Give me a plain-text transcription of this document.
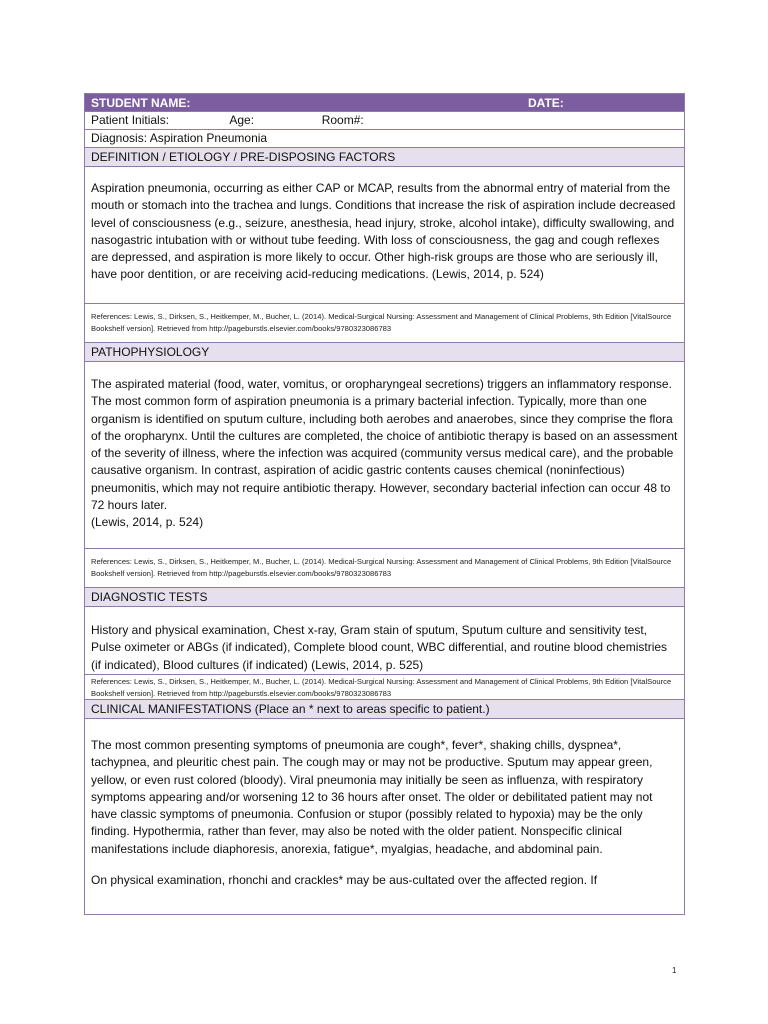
STUDENT NAME:	DATE:
Patient Initials:	Age:	Room#:
Diagnosis: Aspiration Pneumonia
DEFINITION / ETIOLOGY / PRE-DISPOSING FACTORS

Aspiration pneumonia, occurring as either CAP or MCAP, results from the abnormal entry of material from the mouth or stomach into the trachea and lungs. Conditions that increase the risk of aspiration include decreased level of consciousness (e.g., seizure, anesthesia, head injury, stroke, alcohol intake), difficulty swallowing, and nasogastric intubation with or without tube feeding. With loss of consciousness, the gag and cough reflexes are depressed, and aspiration is more likely to occur. Other high-risk groups are those who are seriously ill, have poor dentition, or are receiving acid-reducing medications. (Lewis, 2014, p. 524)

References: Lewis, S., Dirksen, S., Heitkemper, M., Bucher, L. (2014). Medical-Surgical Nursing: Assessment and Management of Clinical Problems, 9th Edition [VitalSource Bookshelf version]. Retrieved from http://pageburstls.elsevier.com/books/9780323086783
PATHOPHYSIOLOGY

The aspirated material (food, water, vomitus, or oropharyngeal secretions) triggers an inflammatory response. The most common form of aspiration pneumonia is a primary bacterial infection. Typically, more than one organism is identified on sputum culture, including both aerobes and anaerobes, since they comprise the flora of the oropharynx. Until the cultures are completed, the choice of antibiotic therapy is based on an assessment of the severity of illness, where the infection was acquired (community versus medical care), and the probable causative organism. In contrast, aspiration of acidic gastric contents causes chemical (noninfectious) pneumonitis, which may not require antibiotic therapy. However, secondary bacterial infection can occur 48 to 72 hours later.

(Lewis, 2014, p. 524)

References: Lewis, S., Dirksen, S., Heitkemper, M., Bucher, L. (2014). Medical-Surgical Nursing: Assessment and Management of Clinical Problems, 9th Edition [VitalSource Bookshelf version]. Retrieved from http://pageburstls.elsevier.com/books/9780323086783
DIAGNOSTIC TESTS

History and physical examination, Chest x-ray, Gram stain of sputum, Sputum culture and sensitivity test, Pulse oximeter or ABGs (if indicated), Complete blood count, WBC differential, and routine blood chemistries (if indicated), Blood cultures (if indicated) (Lewis, 2014, p. 525)

References: Lewis, S., Dirksen, S., Heitkemper, M., Bucher, L. (2014). Medical-Surgical Nursing: Assessment and Management of Clinical Problems, 9th Edition [VitalSource Bookshelf version]. Retrieved from http://pageburstls.elsevier.com/books/9780323086783
CLINICAL MANIFESTATIONS (Place an * next to areas specific to patient.)

The most common presenting symptoms of pneumonia are cough*, fever*, shaking chills, dyspnea*, tachypnea, and pleuritic chest pain. The cough may or may not be productive. Sputum may appear green, yellow, or even rust colored (bloody). Viral pneumonia may initially be seen as influenza, with respiratory symptoms appearing and/or worsening 12 to 36 hours after onset. The older or debilitated patient may not have classic symptoms of pneumonia. Confusion or stupor (possibly related to hypoxia) may be the only finding. Hypothermia, rather than fever, may also be noted with the older patient. Nonspecific clinical manifestations include diaphoresis, anorexia, fatigue*, myalgias, headache, and abdominal pain.

On physical examination, rhonchi and crackles* may be aus-cultated over the affected region. If

1
